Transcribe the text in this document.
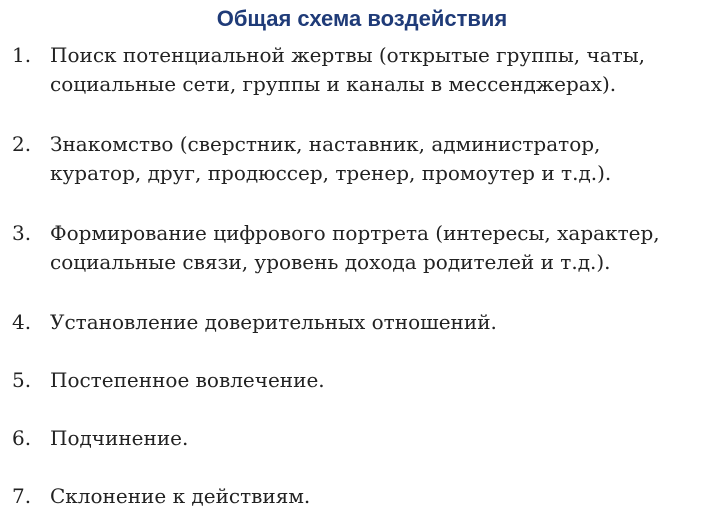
Общая схема воздействия
1. Поиск потенциальной жертвы (открытые группы, чаты,
социальные сети, группы и каналы в мессенджерах).
2. Знакомство (сверстник, наставник, администратор,
куратор, друг, продюссер, тренер, промоутер и т.д.).
3. Формирование цифрового портрета (интересы, характер,
социальные связи, уровень дохода родителей и т.д.).
4. Установление доверительных отношений.
5. Постепенное вовлечение.
6. Подчинение.
7. Склонение к действиям.
